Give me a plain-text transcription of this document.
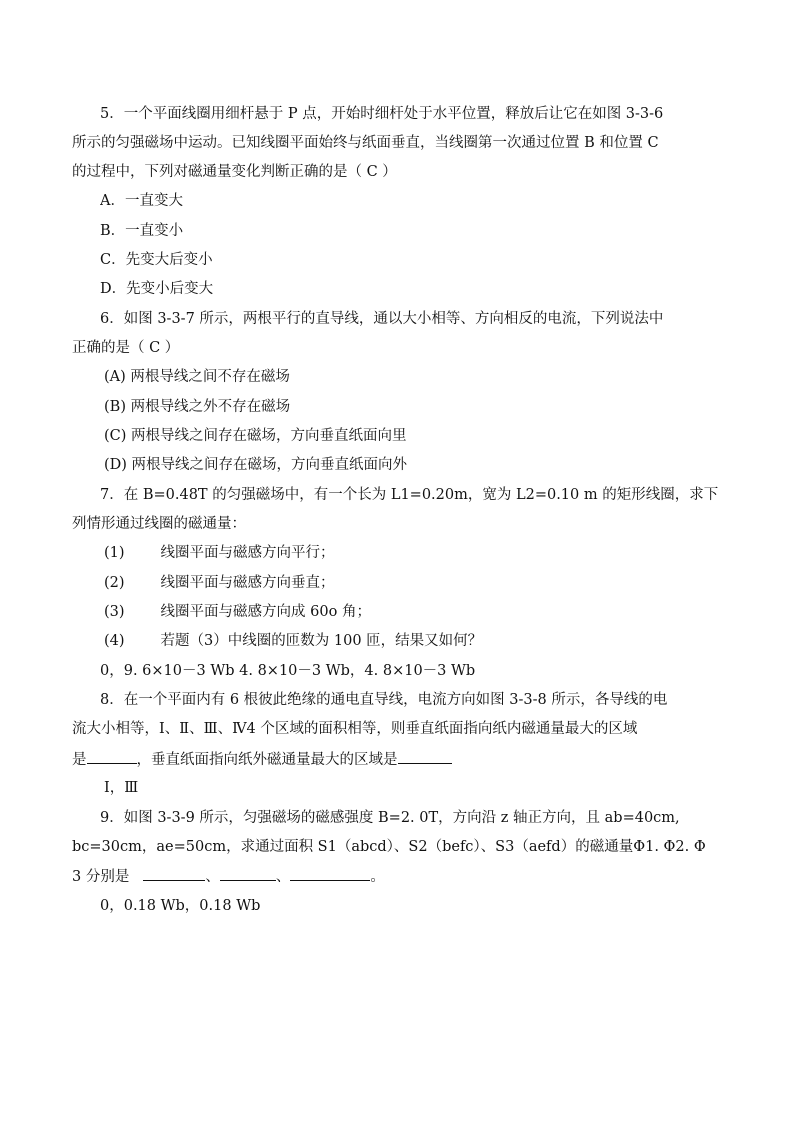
5．一个平面线圈用细杆悬于 P 点，开始时细杆处于水平位置，释放后让它在如图 3-3-6
所示的匀强磁场中运动。已知线圈平面始终与纸面垂直，当线圈第一次通过位置 B 和位置 C
的过程中，下列对磁通量变化判断正确的是（ C ）
A．一直变大
B．一直变小
C．先变大后变小
D．先变小后变大
6．如图 3-3-7 所示，两根平行的直导线，通以大小相等、方向相反的电流，下列说法中
正确的是（ C ）
(A) 两根导线之间不存在磁场
(B) 两根导线之外不存在磁场
(C) 两根导线之间存在磁场，方向垂直纸面向里
(D) 两根导线之间存在磁场，方向垂直纸面向外
7．在 B=0.48T 的匀强磁场中，有一个长为 L1=0.20m，宽为 L2=0.10 m 的矩形线圈，求下
列情形通过线圈的磁通量：
(1) 线圈平面与磁感方向平行；
(2) 线圈平面与磁感方向垂直；
(3) 线圈平面与磁感方向成 60o 角；
(4) 若题（3）中线圈的匝数为 100 匝，结果又如何？
0，9. 6×10－3 Wb 4. 8×10－3 Wb，4. 8×10－3 Wb
8．在一个平面内有 6 根彼此绝缘的通电直导线，电流方向如图 3-3-8 所示，各导线的电
流大小相等，Ⅰ、Ⅱ、Ⅲ、Ⅳ4 个区域的面积相等，则垂直纸面指向纸内磁通量最大的区域
是	，垂直纸面指向纸外磁通量最大的区域是
Ⅰ，Ⅲ
9．如图 3-3-9 所示，匀强磁场的磁感强度 B=2. 0T，方向沿 z 轴正方向，且 ab=40cm,
bc=30cm，ae=50cm，求通过面积 S1（abcd）、S2（befc）、S3（aefd）的磁通量Φ1. Φ2. Φ
3 分别是	、	、	。
0，0.18 Wb，0.18 Wb
